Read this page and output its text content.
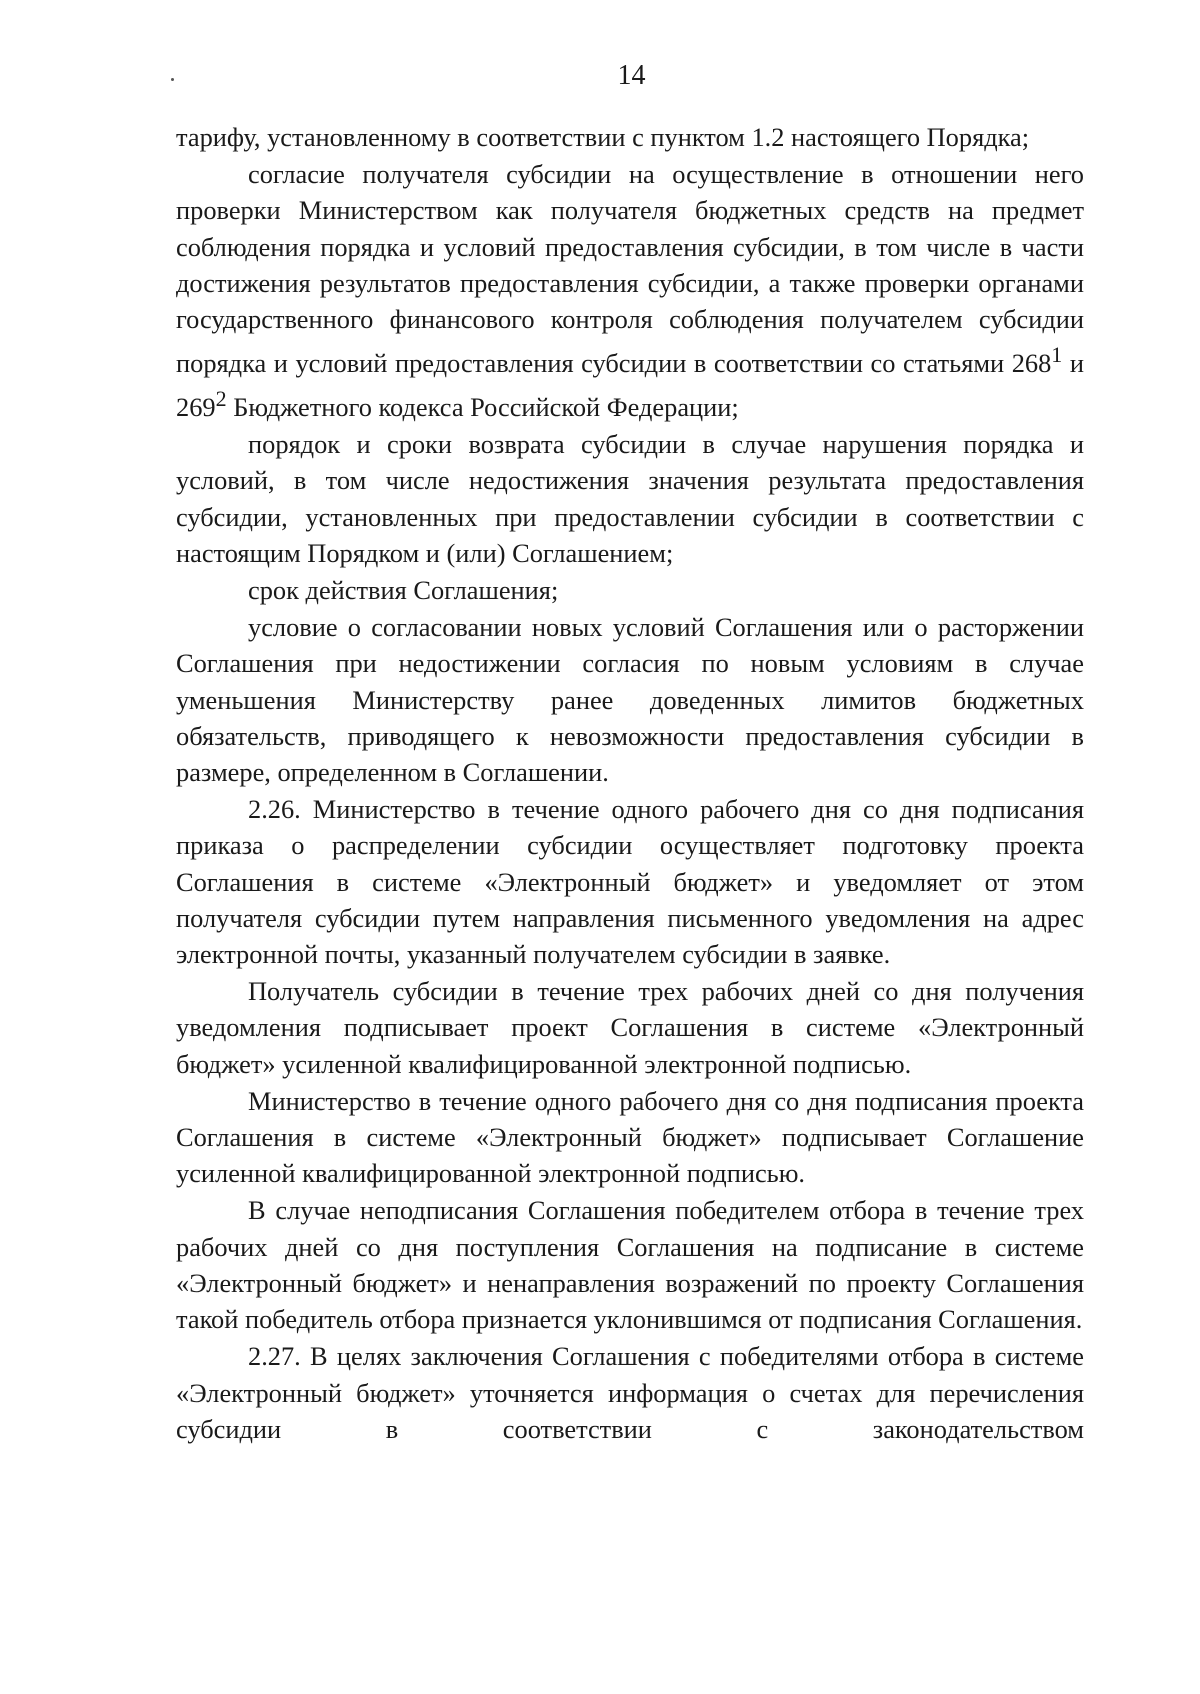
14

тарифу, установленному в соответствии с пунктом 1.2 настоящего Порядка;

согласие получателя субсидии на осуществление в отношении него проверки Министерством как получателя бюджетных средств на предмет соблюдения порядка и условий предоставления субсидии, в том числе в части достижения результатов предоставления субсидии, а также проверки органами государственного финансового контроля соблюдения получателем субсидии порядка и условий предоставления субсидии в соответствии со статьями $268^1$ и $269^2$ Бюджетного кодекса Российской Федерации;

порядок и сроки возврата субсидии в случае нарушения порядка и условий, в том числе недостижения значения результата предоставления субсидии, установленных при предоставлении субсидии в соответствии с настоящим Порядком и (или) Соглашением;

срок действия Соглашения;

условие о согласовании новых условий Соглашения или о расторжении Соглашения при недостижении согласия по новым условиям в случае уменьшения Министерству ранее доведенных лимитов бюджетных обязательств, приводящего к невозможности предоставления субсидии в размере, определенном в Соглашении.

2.26. Министерство в течение одного рабочего дня со дня подписания приказа о распределении субсидии осуществляет подготовку проекта Соглашения в системе «Электронный бюджет» и уведомляет от этом получателя субсидии путем направления письменного уведомления на адрес электронной почты, указанный получателем субсидии в заявке.

Получатель субсидии в течение трех рабочих дней со дня получения уведомления подписывает проект Соглашения в системе «Электронный бюджет» усиленной квалифицированной электронной подписью.

Министерство в течение одного рабочего дня со дня подписания проекта Соглашения в системе «Электронный бюджет» подписывает Соглашение усиленной квалифицированной электронной подписью.

В случае неподписания Соглашения победителем отбора в течение трех рабочих дней со дня поступления Соглашения на подписание в системе «Электронный бюджет» и ненаправления возражений по проекту Соглашения такой победитель отбора признается уклонившимся от подписания Соглашения.

2.27. В целях заключения Соглашения с победителями отбора в системе «Электронный бюджет» уточняется информация о счетах для перечисления субсидии в соответствии с законодательством
